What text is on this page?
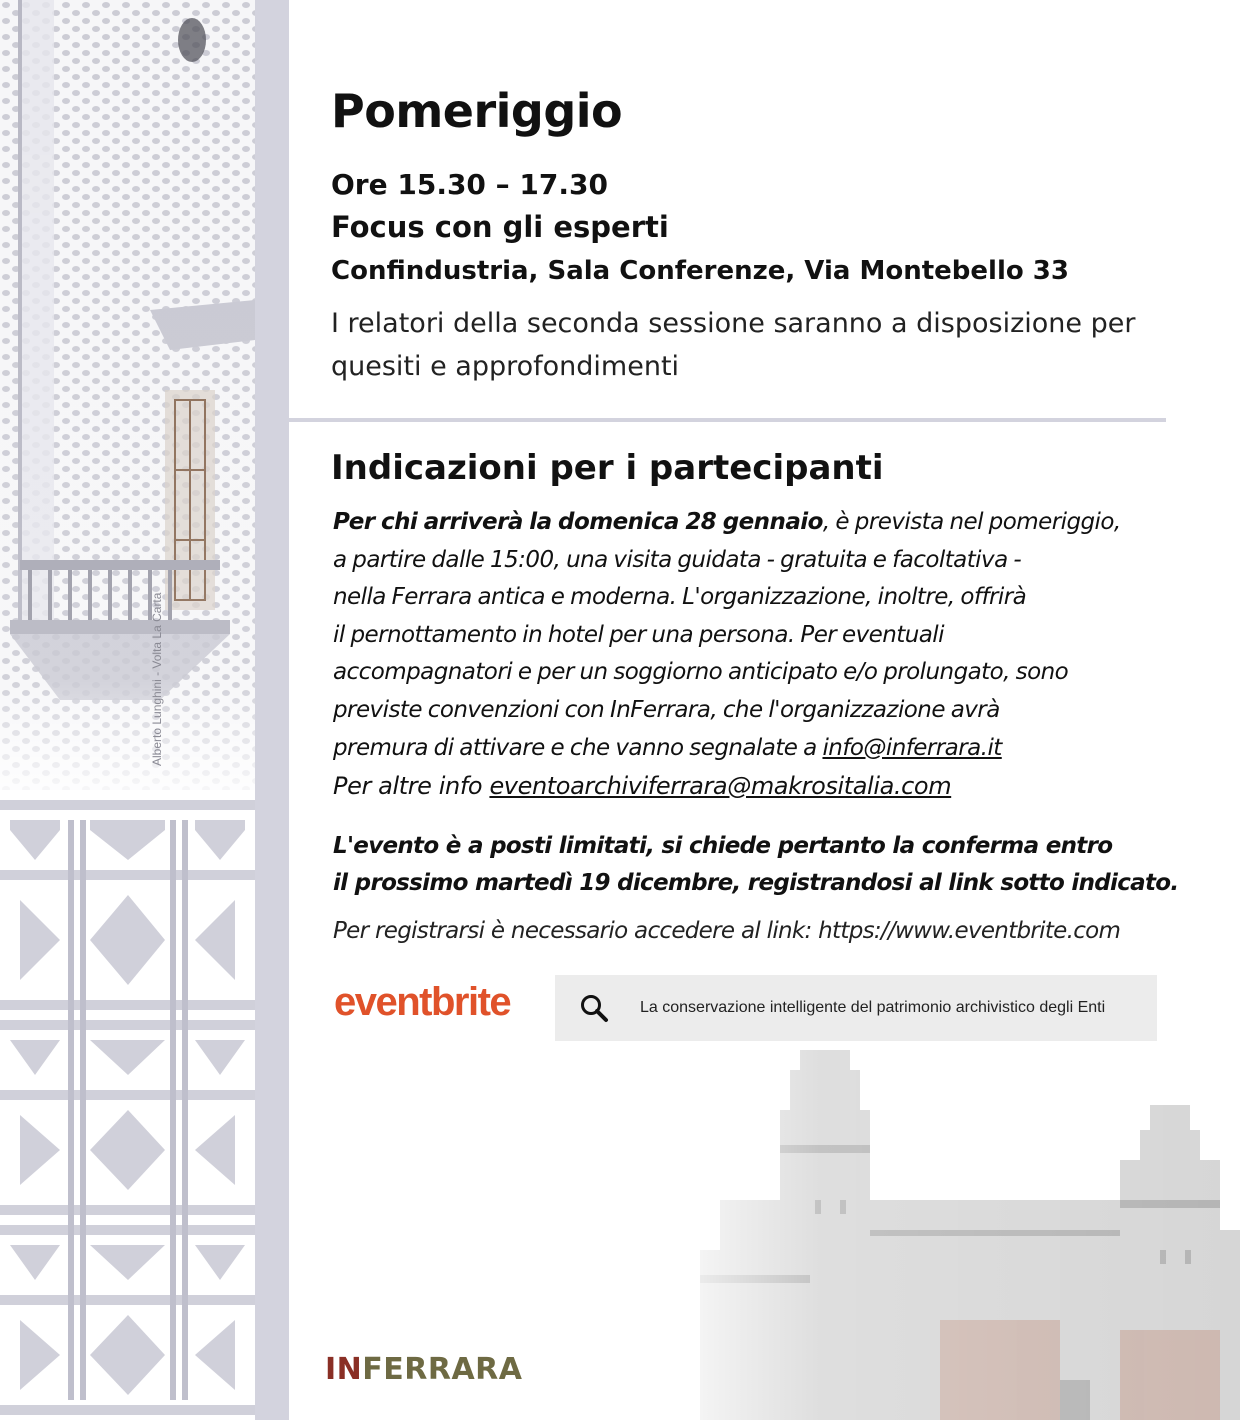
Alberto Lunghini - Volta La Carta
Pomeriggio

Ore 15.30 – 17.30

Focus con gli esperti

Confindustria, Sala Conferenze, Via Montebello 33

I relatori della seconda sessione saranno a disposizione per quesiti e approfondimenti

Indicazioni per i partecipanti
Per chi arriverà la domenica 28 gennaio, è prevista nel pomeriggio,
a partire dalle 15:00, una visita guidata - gratuita e facoltativa -
nella Ferrara antica e moderna. L'organizzazione, inoltre, offrirà
il pernottamento in hotel per una persona. Per eventuali
accompagnatori e per un soggiorno anticipato e/o prolungato, sono
previste convenzioni con InFerrara, che l'organizzazione avrà
premura di attivare e che vanno segnalate a info@inferrara.it

Per altre info eventoarchiviferrara@makrositalia.com

L'evento è a posti limitati, si chiede pertanto la conferma entro
il prossimo martedì 19 dicembre, registrandosi al link sotto indicato.

Per registrarsi è necessario accedere al link: https://www.eventbrite.com

eventbrite	La conservazione intelligente del patrimonio archivistico degli Enti

INFERRARA
